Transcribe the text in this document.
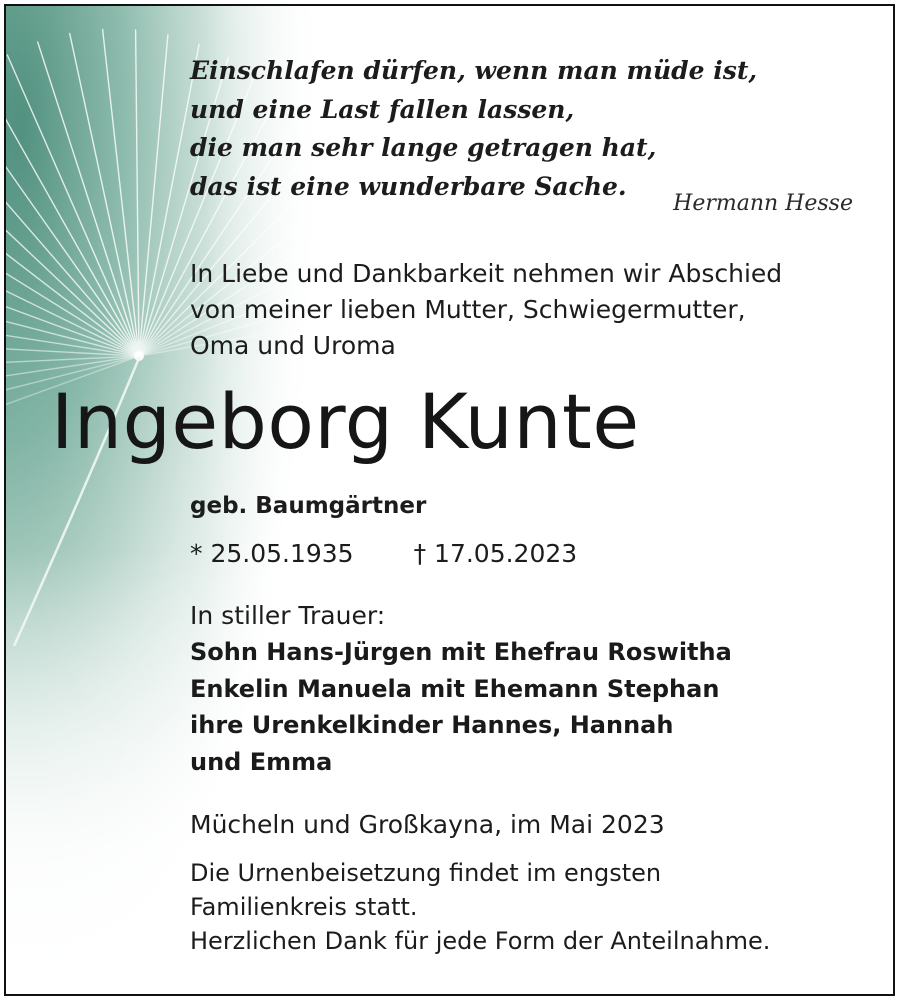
Einschlafen dürfen, wenn man müde ist,
und eine Last fallen lassen,
die man sehr lange getragen hat,
das ist eine wunderbare Sache.
Hermann Hesse
In Liebe und Dankbarkeit nehmen wir Abschied
von meiner lieben Mutter, Schwiegermutter,
Oma und Uroma
Ingeborg Kunte
geb. Baumgärtner
* 25.05.1935 † 17.05.2023
In stiller Trauer:
Sohn Hans-Jürgen mit Ehefrau Roswitha
Enkelin Manuela mit Ehemann Stephan
ihre Urenkelkinder Hannes, Hannah
und Emma
Mücheln und Großkayna, im Mai 2023
Die Urnenbeisetzung findet im engsten
Familienkreis statt.
Herzlichen Dank für jede Form der Anteilnahme.
